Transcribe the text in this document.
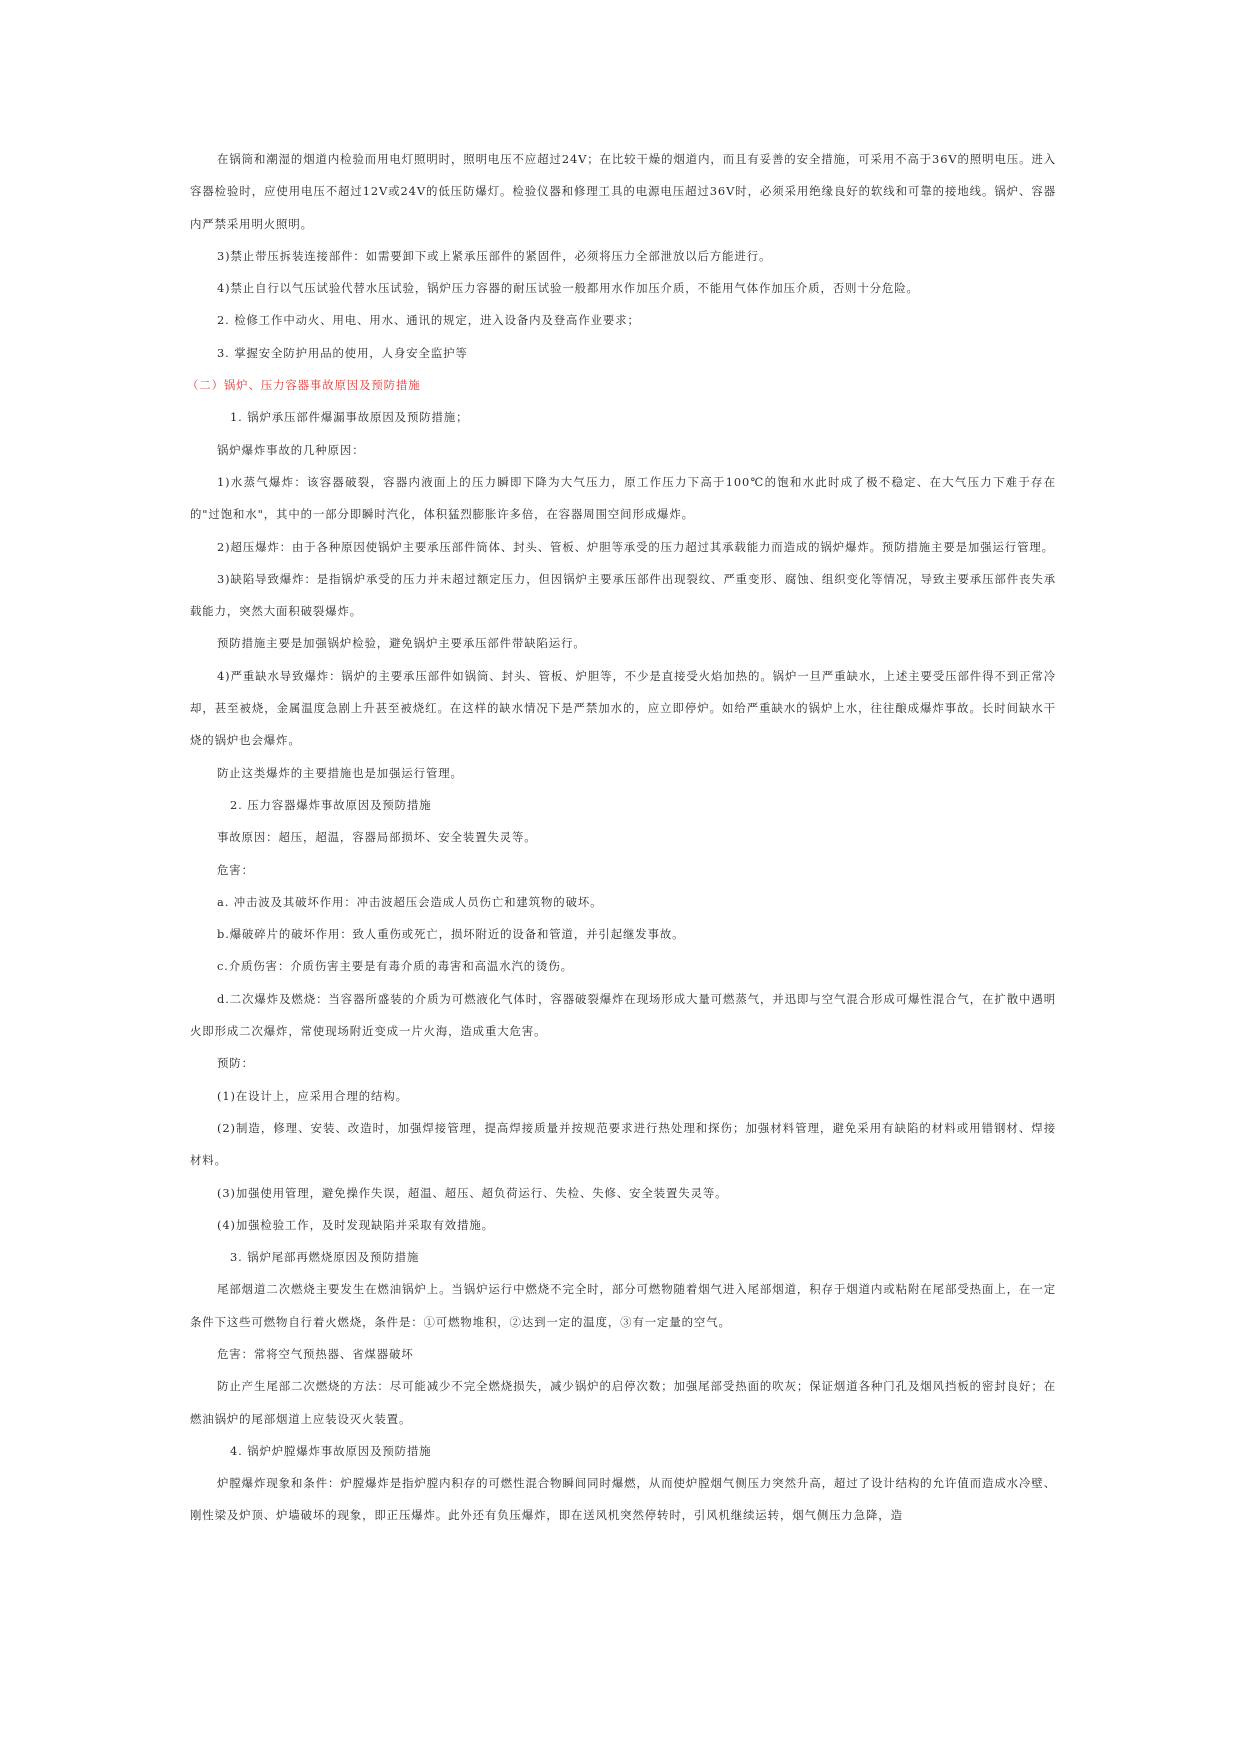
在锅筒和潮湿的烟道内检验而用电灯照明时，照明电压不应超过24V；在比较干燥的烟道内，而且有妥善的安全措施，可采用不高于36V的照明电压。进入容器检验时，应使用电压不超过12V或24V的低压防爆灯。检验仪器和修理工具的电源电压超过36V时，必须采用绝缘良好的软线和可靠的接地线。锅炉、容器内严禁采用明火照明。

3)禁止带压拆装连接部件：如需要卸下或上紧承压部件的紧固件，必须将压力全部泄放以后方能进行。

4)禁止自行以气压试验代替水压试验，锅炉压力容器的耐压试验一般都用水作加压介质，不能用气体作加压介质，否则十分危险。

2. 检修工作中动火、用电、用水、通讯的规定，进入设备内及登高作业要求；

3. 掌握安全防护用品的使用，人身安全监护等

（二）锅炉、压力容器事故原因及预防措施

1. 锅炉承压部件爆漏事故原因及预防措施；

锅炉爆炸事故的几种原因：

1)水蒸气爆炸：该容器破裂，容器内液面上的压力瞬即下降为大气压力，原工作压力下高于100℃的饱和水此时成了极不稳定、在大气压力下难于存在的"过饱和水"，其中的一部分即瞬时汽化，体积猛烈膨胀许多倍，在容器周围空间形成爆炸。

2)超压爆炸：由于各种原因使锅炉主要承压部件筒体、封头、管板、炉胆等承受的压力超过其承载能力而造成的锅炉爆炸。预防措施主要是加强运行管理。

3)缺陷导致爆炸：是指锅炉承受的压力并未超过额定压力，但因锅炉主要承压部件出现裂纹、严重变形、腐蚀、组织变化等情况，导致主要承压部件丧失承载能力，突然大面积破裂爆炸。

预防措施主要是加强锅炉检验，避免锅炉主要承压部件带缺陷运行。

4)严重缺水导致爆炸：锅炉的主要承压部件如锅筒、封头、管板、炉胆等，不少是直接受火焰加热的。锅炉一旦严重缺水，上述主要受压部件得不到正常冷却，甚至被烧，金属温度急剧上升甚至被烧红。在这样的缺水情况下是严禁加水的，应立即停炉。如给严重缺水的锅炉上水，往往酿成爆炸事故。长时间缺水干烧的锅炉也会爆炸。

防止这类爆炸的主要措施也是加强运行管理。

2. 压力容器爆炸事故原因及预防措施

事故原因：超压，超温，容器局部损坏、安全装置失灵等。

危害：

a. 冲击波及其破坏作用：冲击波超压会造成人员伤亡和建筑物的破坏。

b.爆破碎片的破坏作用：致人重伤或死亡，损坏附近的设备和管道，并引起继发事故。

c.介质伤害：介质伤害主要是有毒介质的毒害和高温水汽的烫伤。

d.二次爆炸及燃烧：当容器所盛装的介质为可燃液化气体时，容器破裂爆炸在现场形成大量可燃蒸气，并迅即与空气混合形成可爆性混合气，在扩散中遇明火即形成二次爆炸，常使现场附近变成一片火海，造成重大危害。

预防：

(1)在设计上，应采用合理的结构。

(2)制造，修理、安装、改造时，加强焊接管理，提高焊接质量并按规范要求进行热处理和探伤；加强材料管理，避免采用有缺陷的材料或用错钢材、焊接材料。

(3)加强使用管理，避免操作失误，超温、超压、超负荷运行、失检、失修、安全装置失灵等。

(4)加强检验工作，及时发现缺陷并采取有效措施。

3. 锅炉尾部再燃烧原因及预防措施

尾部烟道二次燃烧主要发生在燃油锅炉上。当锅炉运行中燃烧不完全时，部分可燃物随着烟气进入尾部烟道，积存于烟道内或粘附在尾部受热面上，在一定条件下这些可燃物自行着火燃烧，条件是：①可燃物堆积，②达到一定的温度，③有一定量的空气。

危害：常将空气预热器、省煤器破坏

防止产生尾部二次燃烧的方法：尽可能减少不完全燃烧损失，减少锅炉的启停次数；加强尾部受热面的吹灰；保证烟道各种门孔及烟风挡板的密封良好；在燃油锅炉的尾部烟道上应装设灭火装置。

4. 锅炉炉膛爆炸事故原因及预防措施

炉膛爆炸现象和条件：炉膛爆炸是指炉膛内积存的可燃性混合物瞬间同时爆燃，从而使炉膛烟气侧压力突然升高，超过了设计结构的允许值而造成水冷壁、刚性梁及炉顶、炉墙破坏的现象，即正压爆炸。此外还有负压爆炸，即在送风机突然停转时，引风机继续运转，烟气侧压力急降，造
